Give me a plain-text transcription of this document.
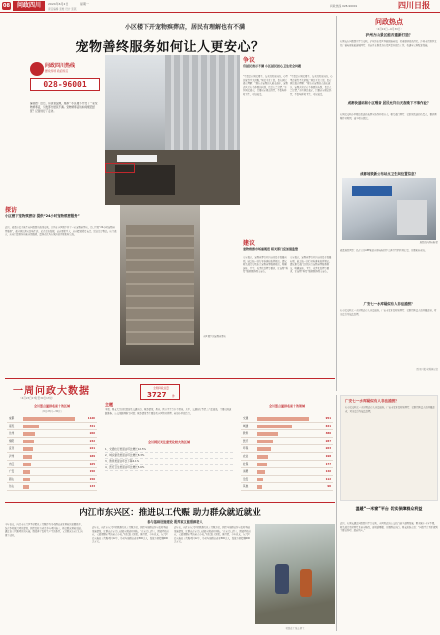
08	问政四川	2024年6月2日	星期一
责任编辑 张维 设计 张燕
问政热线 028-96001	四川日报
小区楼下开宠物殡葬店，居民有理解也有不满
宠物善终服务如何让人更安心？
问政四川热线
群众所呼 政府所应
028-96001
编者按：近日，有读者反映，成都一小区楼下开设了一家宠物殡葬店，引发部分居民不满。宠物殡葬店该如何规范经营？记者进行了走访。
探访
小区楼下宠物殡葬店 提供“24小时宠物殡葬服务”
近日，成都市民李先生向问政四川热线反映，其所在小区楼下开了一家宠物殡葬店，门口写着“24小时宠物殡葬服务”，部分居民担心影响生活。记者走访发现，该店面积不大，店内摆放着骨灰盒、纪念品等物品。店主表示，店内只提供咨询和告别服务，遗体火化均在城外的正规机构完成。
小区楼下的宠物殡葬店
争议
有居民表示不满 小区居民担心卫生安全问题
“毕竟是在居民楼下，每天进进出出的，心里总觉得不太舒服。”居民王女士说。也有居民表示理解：“现在养宠物的人越来越多，宠物去世后有个体面的告别，也是人之常情。”多位居民表示，只要店家规范经营，不影响环境卫生，可以接受。
“毕竟是在居民楼下，每天进进出出的，心里总觉得不太舒服。”居民王女士说。也有居民表示理解：“现在养宠物的人越来越多，宠物去世后有个体面的告别，也是人之常情。”多位居民表示，只要店家规范经营，不影响环境卫生，可以接受。
建议
宠物殡葬市场需规范 相关部门应加强监管
专家表示，宠物殡葬行业目前尚处于发展初期，缺乏统一的行业标准和监管规范。建议相关部门尽快出台宠物殡葬服务规范，明确选址、卫生、无害化处理等要求，让宠物“善终”服务既体面又安心。
专家表示，宠物殡葬行业目前尚处于发展初期，缺乏统一的行业标准和监管规范。建议相关部门尽快出台宠物殡葬服务规范，明确选址、卫生、无害化处理等要求，让宠物“善终”服务既体面又安心。
问政热点
（6月24日—6月30日）
泸州方山景区能否重新打造？
有网友在问政四川平台反映，泸州方山景区基础设施老旧，希望能够重新打造。泸州市江阳区文化广播电视和旅游局回复：目前正在推进方山景区提升改造工作，将逐步完善配套设施。
成都快递站和小区噪音 居民允许白天夜晚下不准作业？
有居民反映小区附近快递站夜间分拣作业噪音大。相关部门回复：已约谈快递站负责人，要求调整作业时间，减少噪音扰民。
成都地铁新公布站点卫生间位置信息？
地铁站内导向标识
成都地铁回复：已在官方APP和站内导向标识中完善卫生间位置信息，方便乘客查询。
广安七一水库疑似有人非法捕捞？
有市民反映七一水库附近有人非法捕捞。广安市农业农村局回复：已组织执法人员开展巡查，对违法行为依法处理。
四川日报全媒体记者
一周问政大数据
（6月23日17时至30日17时）
全网问政总量
3727 件
全川留言量排名前十的区域
（6月23日—30日）
成都	1126
南充	341
达州	266
绵阳	232
宜宾	221
泸州	189
内江	165
广安	156
眉山	150
乐山	133
主题
本周，网友关注的话题涉及交通出行、城乡建设、教育、医疗卫生等多个领域。其中，交通出行类留言占比最高，主要反映道路维修、公交线路调整等问题；城乡建设类主要涉及小区物业管理、老旧小区改造等。
全川网民关注度变化较大的区域
1、交通出行类留言环比增长12.5%
2、城乡建设类留言环比增长8.3%
3、教育类留言环比下降4.1%
4、医疗卫生类留言环比增长5.6%
全川留言量排名前十的领域
交通	951
城建	641
教育	380
医疗	287
环保	263
农业	198
社保	177
消费	146
治安	112
其他	98
内江市东兴区：推进以工代赈 助力群众就近就业
参与基础设施建设 既养家又能照顾老人
今年以来，内江市东兴区坚持把以工代赈作为带动群众就业增收的重要抓手，结合乡村振兴项目建设，组织农村劳动力参与项目施工，拓宽群众增收渠道。通过以工代赈项目的实施，既改善了农村生产生活条件，又让群众在家门口实现了就业。
近年来，内江市东兴区积极推行以工代赈方式，组织当地群众参与农村基础设施建设，让群众在家门口就能实现就业增收。“在家门口打工，既能挣钱养家，又能照顾家里的老人小孩。”村民张大姐说。据介绍，今年以来，东兴区已实施以工代赈项目12个，带动当地群众就业800余人，发放劳务报酬600余万元。
近年来，内江市东兴区积极推行以工代赈方式，组织当地群众参与农村基础设施建设，让群众在家门口就能实现就业增收。“在家门口打工，既能挣钱养家，又能照顾家里的老人小孩。”村民张大姐说。据介绍，今年以来，东兴区已实施以工代赈项目12个，带动当地群众就业800余人，发放劳务报酬600余万元。
村民在工地上务工
温暖“一米窗”平台 切实保障群众利益
近日，有网友通过问政四川平台反映，小区附近的公交站台缺少遮雨设施，雨天候车十分不便。相关部门及时回复并落实整改，新增遮雨棚，方便群众出行。网友纷纷点赞：“问政平台真正做到了群众所呼、政府所应。”
广安七一水库疑似有人非法捕捞？
有市民反映七一水库附近有人非法捕捞。广安市农业农村局回复：已组织执法人员开展巡查，对违法行为依法处理。
